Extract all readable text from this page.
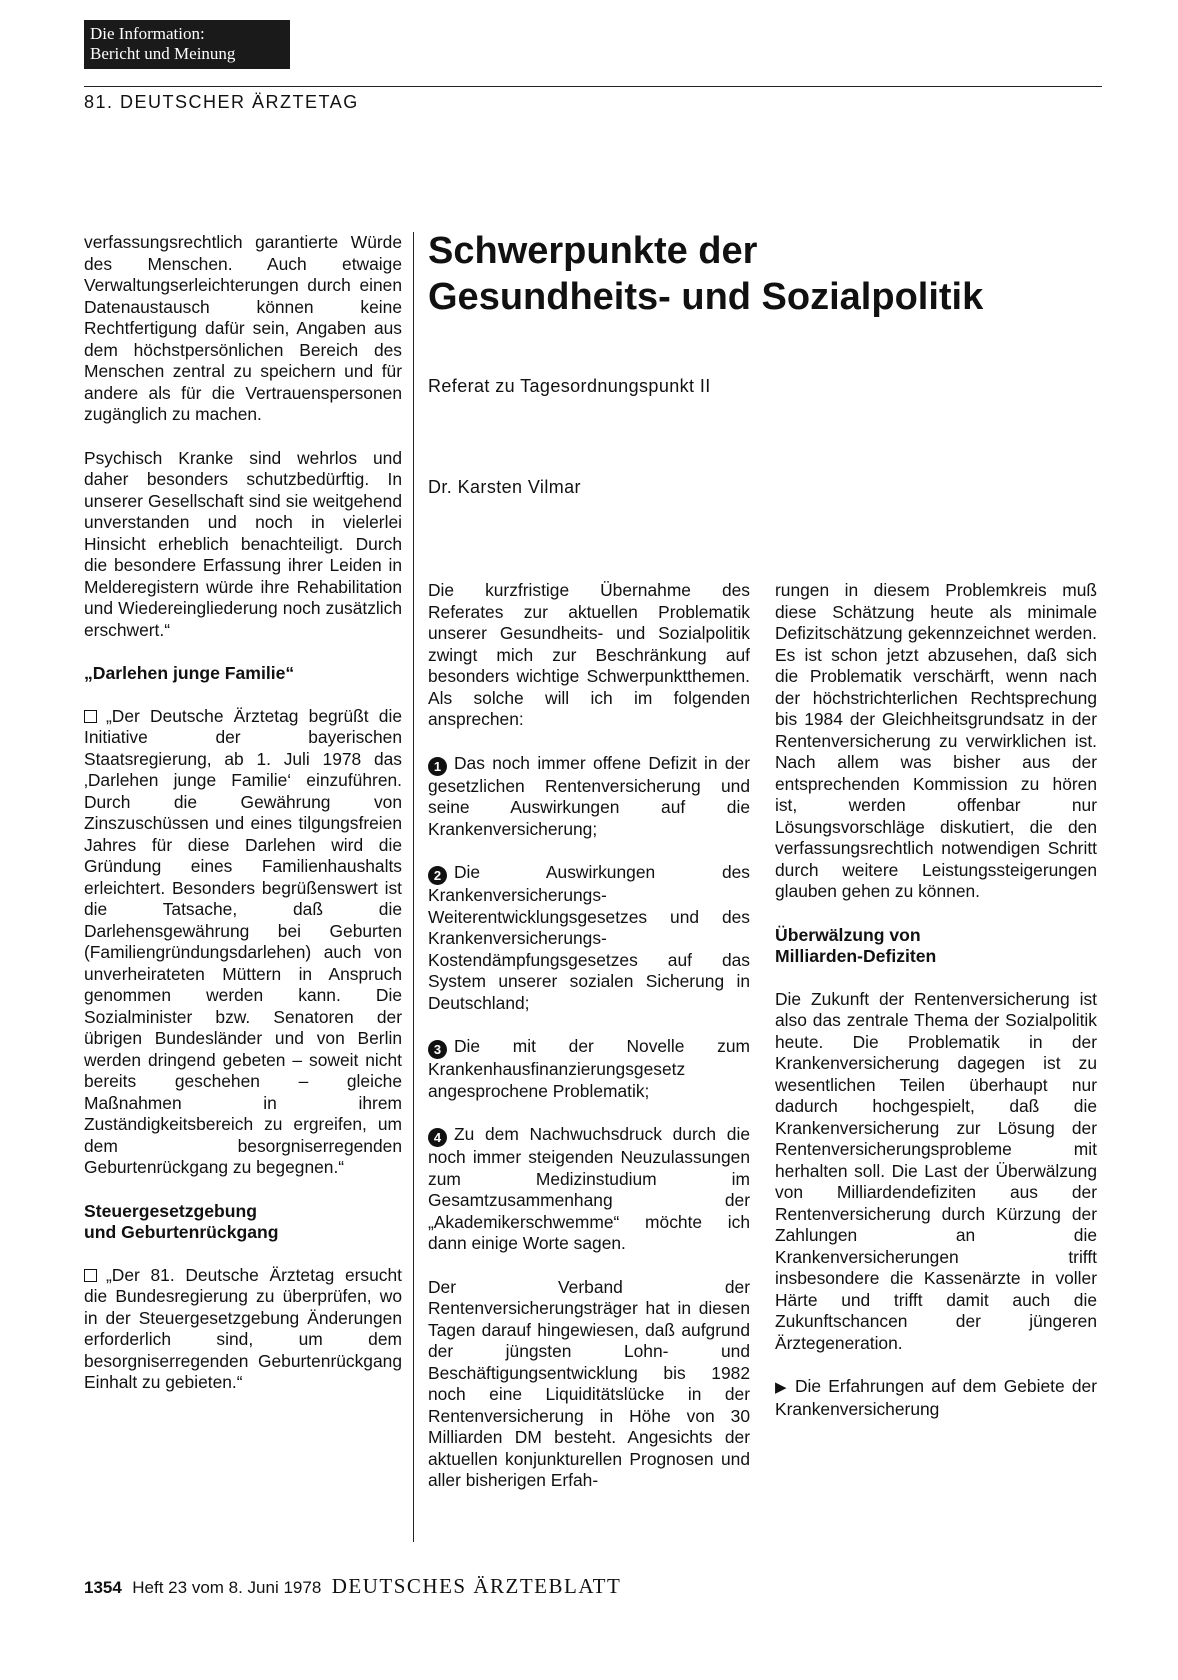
Die Information:
Bericht und Meinung
81. DEUTSCHER ÄRZTETAG

verfassungsrechtlich garantierte Würde des Menschen. Auch etwaige Verwaltungserleichterungen durch einen Datenaustausch können keine Rechtfertigung dafür sein, Angaben aus dem höchstpersönlichen Bereich des Menschen zentral zu speichern und für andere als für die Vertrauenspersonen zugänglich zu machen.

Psychisch Kranke sind wehrlos und daher besonders schutzbedürftig. In unserer Gesellschaft sind sie weitgehend unverstanden und noch in vielerlei Hinsicht erheblich benachteiligt. Durch die besondere Erfassung ihrer Leiden in Melderegistern würde ihre Rehabilitation und Wiedereingliederung noch zusätzlich erschwert.“

„Darlehen junge Familie“

„Der Deutsche Ärztetag begrüßt die Initiative der bayerischen Staatsregierung, ab 1. Juli 1978 das ‚Darlehen junge Familie‘ einzuführen. Durch die Gewährung von Zinszuschüssen und eines tilgungsfreien Jahres für diese Darlehen wird die Gründung eines Familienhaushalts erleichtert. Besonders begrüßenswert ist die Tatsache, daß die Darlehensgewährung bei Geburten (Familiengründungsdarlehen) auch von unverheirateten Müttern in Anspruch genommen werden kann. Die Sozialminister bzw. Senatoren der übrigen Bundesländer und von Berlin werden dringend gebeten – soweit nicht bereits geschehen – gleiche Maßnahmen in ihrem Zuständigkeitsbereich zu ergreifen, um dem besorgniserregenden Geburtenrückgang zu begegnen.“

Steuergesetzgebung
und Geburtenrückgang

„Der 81. Deutsche Ärztetag ersucht die Bundesregierung zu überprüfen, wo in der Steuergesetzgebung Änderungen erforderlich sind, um dem besorgniserregenden Geburtenrückgang Einhalt zu gebieten.“

Schwerpunkte der
Gesundheits- und Sozialpolitik
Referat zu Tagesordnungspunkt II
Dr. Karsten Vilmar

Die kurzfristige Übernahme des Referates zur aktuellen Problematik unserer Gesundheits- und Sozialpolitik zwingt mich zur Beschränkung auf besonders wichtige Schwerpunktthemen. Als solche will ich im folgenden ansprechen:

1 Das noch immer offene Defizit in der gesetzlichen Rentenversicherung und seine Auswirkungen auf die Krankenversicherung;

2 Die Auswirkungen des Krankenversicherungs-Weiterentwicklungsgesetzes und des Krankenversicherungs-Kostendämpfungsgesetzes auf das System unserer sozialen Sicherung in Deutschland;

3 Die mit der Novelle zum Krankenhausfinanzierungsgesetz angesprochene Problematik;

4 Zu dem Nachwuchsdruck durch die noch immer steigenden Neuzulassungen zum Medizinstudium im Gesamtzusammenhang der „Akademikerschwemme“ möchte ich dann einige Worte sagen.

Der Verband der Rentenversicherungsträger hat in diesen Tagen darauf hingewiesen, daß aufgrund der jüngsten Lohn- und Beschäftigungsentwicklung bis 1982 noch eine Liquiditätslücke in der Rentenversicherung in Höhe von 30 Milliarden DM besteht. Angesichts der aktuellen konjunkturellen Prognosen und aller bisherigen Erfah-

rungen in diesem Problemkreis muß diese Schätzung heute als minimale Defizitschätzung gekennzeichnet werden. Es ist schon jetzt abzusehen, daß sich die Problematik verschärft, wenn nach der höchstrichterlichen Rechtsprechung bis 1984 der Gleichheitsgrundsatz in der Rentenversicherung zu verwirklichen ist. Nach allem was bisher aus der entsprechenden Kommission zu hören ist, werden offenbar nur Lösungsvorschläge diskutiert, die den verfassungsrechtlich notwendigen Schritt durch weitere Leistungssteigerungen glauben gehen zu können.

Überwälzung von
Milliarden-Defiziten

Die Zukunft der Rentenversicherung ist also das zentrale Thema der Sozialpolitik heute. Die Problematik in der Krankenversicherung dagegen ist zu wesentlichen Teilen überhaupt nur dadurch hochgespielt, daß die Krankenversicherung zur Lösung der Rentenversicherungsprobleme mit herhalten soll. Die Last der Überwälzung von Milliardendefiziten aus der Rentenversicherung durch Kürzung der Zahlungen an die Krankenversicherungen trifft insbesondere die Kassenärzte in voller Härte und trifft damit auch die Zukunftschancen der jüngeren Ärztegeneration.

▶ Die Erfahrungen auf dem Gebiete der Krankenversicherung

1354 Heft 23 vom 8. Juni 1978 DEUTSCHES ÄRZTEBLATT
